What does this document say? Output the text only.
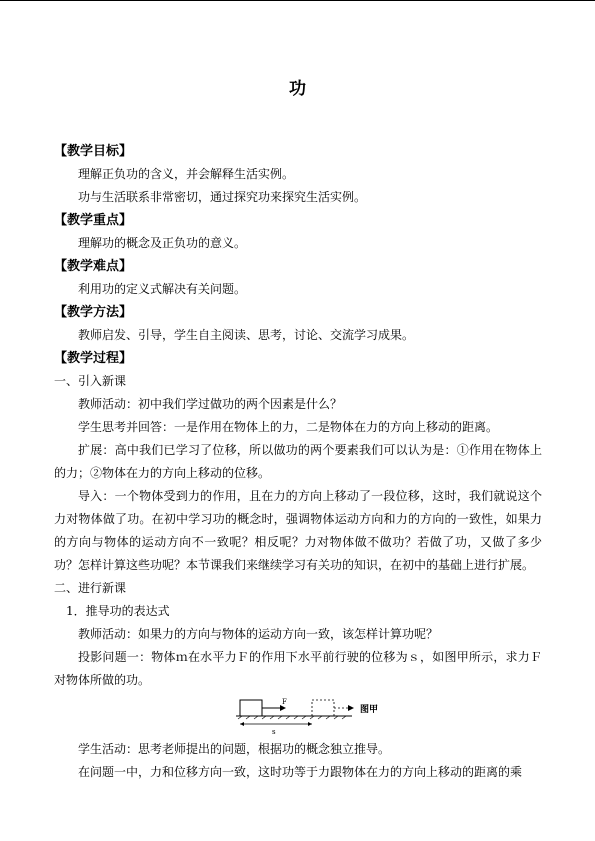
功
【教学目标】

理解正负功的含义，并会解释生活实例。

功与生活联系非常密切，通过探究功来探究生活实例。

【教学重点】

理解功的概念及正负功的意义。

【教学难点】

利用功的定义式解决有关问题。

【教学方法】

教师启发、引导，学生自主阅读、思考，讨论、交流学习成果。

【教学过程】

一、引入新课

教师活动：初中我们学过做功的两个因素是什么？

学生思考并回答：一是作用在物体上的力，二是物体在力的方向上移动的距离。

扩展：高中我们已学习了位移，所以做功的两个要素我们可以认为是：①作用在物体上的力；②物体在力的方向上移动的位移。

导入：一个物体受到力的作用，且在力的方向上移动了一段位移，这时，我们就说这个力对物体做了功。在初中学习功的概念时，强调物体运动方向和力的方向的一致性，如果力的方向与物体的运动方向不一致呢？相反呢？力对物体做不做功？若做了功，又做了多少功？怎样计算这些功呢？本节课我们来继续学习有关功的知识，在初中的基础上进行扩展。

二、进行新课

1．推导功的表达式

教师活动：如果力的方向与物体的运动方向一致，该怎样计算功呢？

投影问题一：物体ｍ在水平力Ｆ的作用下水平前行驶的位移为ｓ，如图甲所示，求力Ｆ对物体所做的功。

F
s
图甲

学生活动：思考老师提出的问题，根据功的概念独立推导。

在问题一中，力和位移方向一致，这时功等于力跟物体在力的方向上移动的距离的乘
